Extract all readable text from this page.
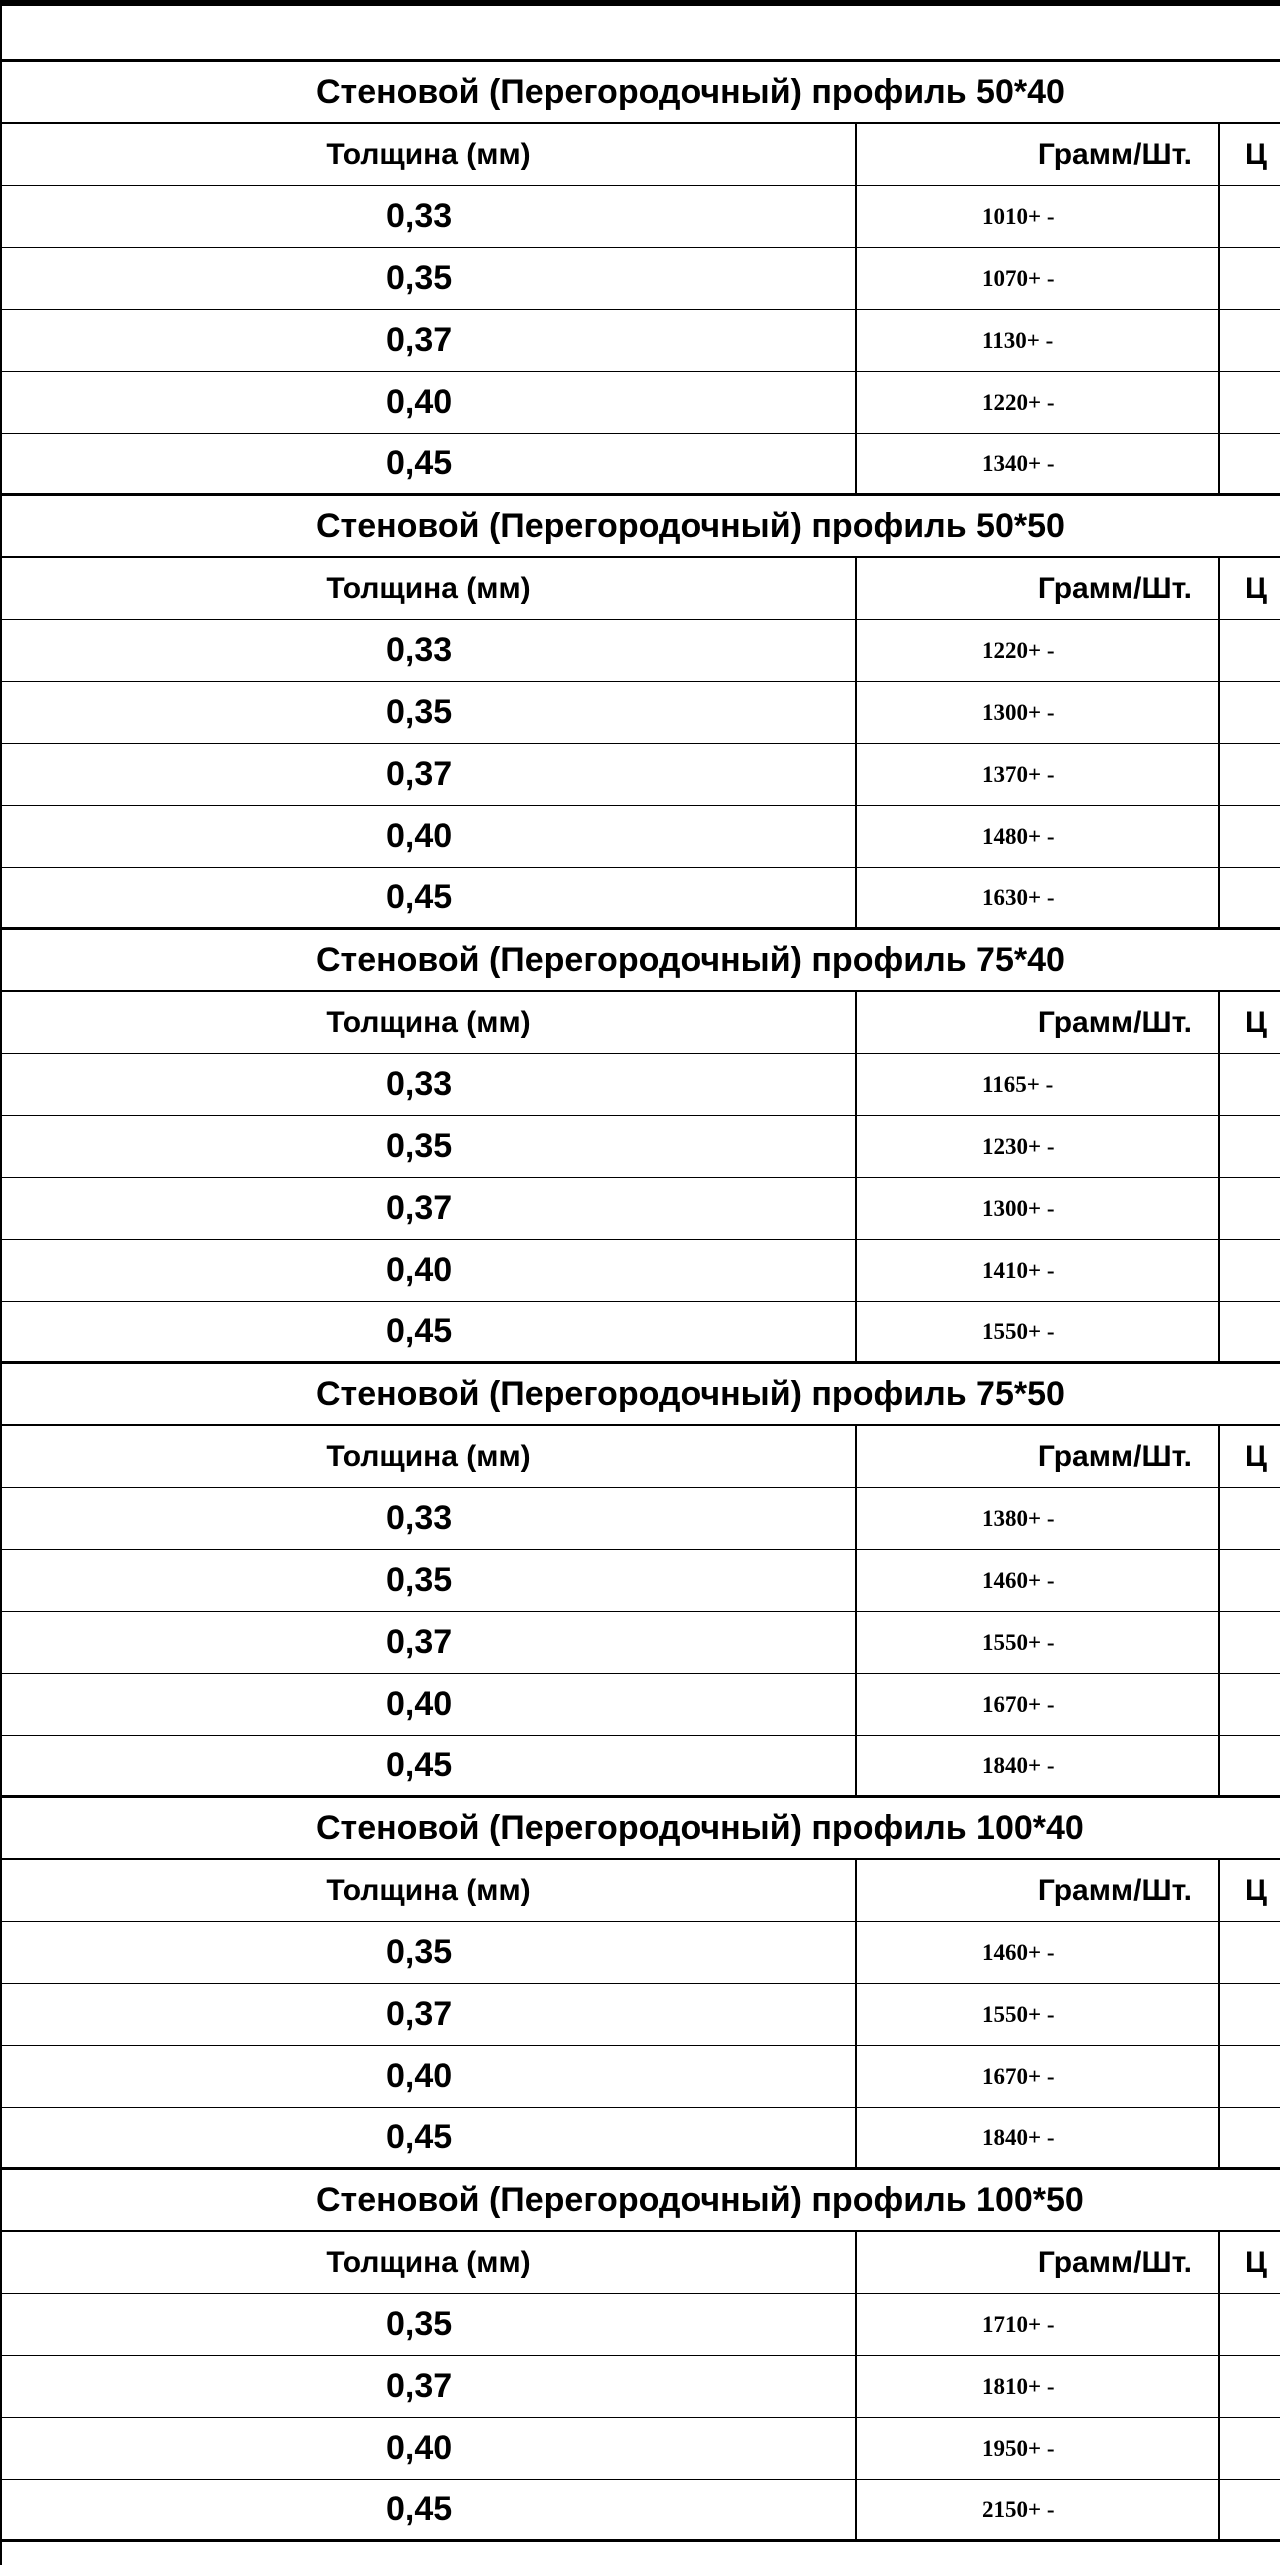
Стеновой (Перегородочный) профиль 50*40
Толщина (мм)	Грамм/Шт.	Ц
0,33	1010+ -
0,35	1070+ -
0,37	1130+ -
0,40	1220+ -
0,45	1340+ -
Стеновой (Перегородочный) профиль 50*50
Толщина (мм)	Грамм/Шт.	Ц
0,33	1220+ -
0,35	1300+ -
0,37	1370+ -
0,40	1480+ -
0,45	1630+ -
Стеновой (Перегородочный) профиль 75*40
Толщина (мм)	Грамм/Шт.	Ц
0,33	1165+ -
0,35	1230+ -
0,37	1300+ -
0,40	1410+ -
0,45	1550+ -
Стеновой (Перегородочный) профиль 75*50
Толщина (мм)	Грамм/Шт.	Ц
0,33	1380+ -
0,35	1460+ -
0,37	1550+ -
0,40	1670+ -
0,45	1840+ -
Стеновой (Перегородочный) профиль 100*40
Толщина (мм)	Грамм/Шт.	Ц
0,35	1460+ -
0,37	1550+ -
0,40	1670+ -
0,45	1840+ -
Стеновой (Перегородочный) профиль 100*50
Толщина (мм)	Грамм/Шт.	Ц
0,35	1710+ -
0,37	1810+ -
0,40	1950+ -
0,45	2150+ -
